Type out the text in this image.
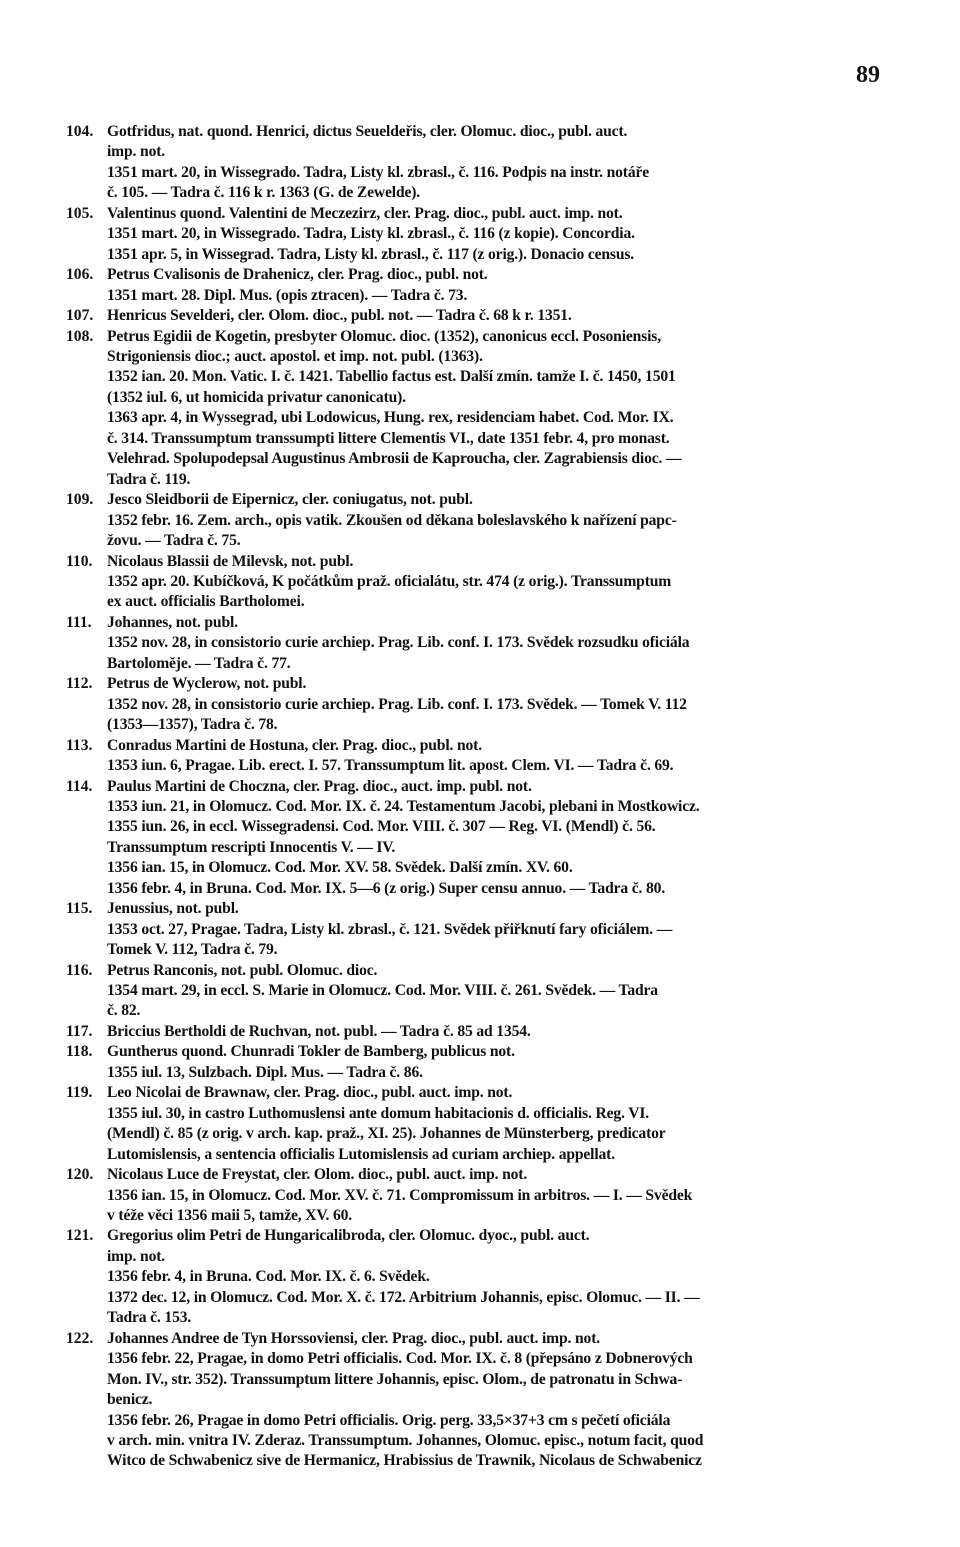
89
104. Gotfridus, nat. quond. Henrici, dictus Seueldeřis, cler. Olomuc. dioc., publ. auct.
imp. not.
1351 mart. 20, in Wissegrado. Tadra, Listy kl. zbrasl., č. 116. Podpis na instr. notáře
č. 105. — Tadra č. 116 k r. 1363 (G. de Zewelde).
105. Valentinus quond. Valentini de Meczezirz, cler. Prag. dioc., publ. auct. imp. not.
1351 mart. 20, in Wissegrado. Tadra, Listy kl. zbrasl., č. 116 (z kopie). Concordia.
1351 apr. 5, in Wissegrad. Tadra, Listy kl. zbrasl., č. 117 (z orig.). Donacio census.
106. Petrus Cvalisonis de Drahenicz, cler. Prag. dioc., publ. not.
1351 mart. 28. Dipl. Mus. (opis ztracen). — Tadra č. 73.
107. Henricus Sevelderi, cler. Olom. dioc., publ. not. — Tadra č. 68 k r. 1351.
108. Petrus Egidii de Kogetin, presbyter Olomuc. dioc. (1352), canonicus eccl. Posoniensis,
Strigoniensis dioc.; auct. apostol. et imp. not. publ. (1363).
1352 ian. 20. Mon. Vatic. I. č. 1421. Tabellio factus est. Další zmín. tamže I. č. 1450, 1501
(1352 iul. 6, ut homicida privatur canonicatu).
1363 apr. 4, in Wyssegrad, ubi Lodowicus, Hung. rex, residenciam habet. Cod. Mor. IX.
č. 314. Transsumptum transsumpti littere Clementis VI., date 1351 febr. 4, pro monast.
Velehrad. Spolupodepsal Augustinus Ambrosii de Kaproucha, cler. Zagrabiensis dioc. —
Tadra č. 119.
109. Jesco Sleidborii de Eipernicz, cler. coniugatus, not. publ.
1352 febr. 16. Zem. arch., opis vatik. Zkoušen od děkana boleslavského k nařízení papc-
žovu. — Tadra č. 75.
110. Nicolaus Blassii de Milevsk, not. publ.
1352 apr. 20. Kubíčková, K počátkům praž. oficialátu, str. 474 (z orig.). Transsumptum
ex auct. officialis Bartholomei.
111. Johannes, not. publ.
1352 nov. 28, in consistorio curie archiep. Prag. Lib. conf. I. 173. Svědek rozsudku oficiála
Bartoloměje. — Tadra č. 77.
112. Petrus de Wyclerow, not. publ.
1352 nov. 28, in consistorio curie archiep. Prag. Lib. conf. I. 173. Svědek. — Tomek V. 112
(1353—1357), Tadra č. 78.
113. Conradus Martini de Hostuna, cler. Prag. dioc., publ. not.
1353 iun. 6, Pragae. Lib. erect. I. 57. Transsumptum lit. apost. Clem. VI. — Tadra č. 69.
114. Paulus Martini de Choczna, cler. Prag. dioc., auct. imp. publ. not.
1353 iun. 21, in Olomucz. Cod. Mor. IX. č. 24. Testamentum Jacobi, plebani in Mostkowicz.
1355 iun. 26, in eccl. Wissegradensi. Cod. Mor. VIII. č. 307 — Reg. VI. (Mendl) č. 56.
Transsumptum rescripti Innocentis V. — IV.
1356 ian. 15, in Olomucz. Cod. Mor. XV. 58. Svědek. Další zmín. XV. 60.
1356 febr. 4, in Bruna. Cod. Mor. IX. 5—6 (z orig.) Super censu annuo. — Tadra č. 80.
115. Jenussius, not. publ.
1353 oct. 27, Pragae. Tadra, Listy kl. zbrasl., č. 121. Svědek přiřknutí fary oficiálem. —
Tomek V. 112, Tadra č. 79.
116. Petrus Ranconis, not. publ. Olomuc. dioc.
1354 mart. 29, in eccl. S. Marie in Olomucz. Cod. Mor. VIII. č. 261. Svědek. — Tadra
č. 82.
117. Briccius Bertholdi de Ruchvan, not. publ. — Tadra č. 85 ad 1354.
118. Guntherus quond. Chunradi Tokler de Bamberg, publicus not.
1355 iul. 13, Sulzbach. Dipl. Mus. — Tadra č. 86.
119. Leo Nicolai de Brawnaw, cler. Prag. dioc., publ. auct. imp. not.
1355 iul. 30, in castro Luthomuslensi ante domum habitacionis d. officialis. Reg. VI.
(Mendl) č. 85 (z orig. v arch. kap. praž., XI. 25). Johannes de Münsterberg, predicator
Lutomislensis, a sentencia officialis Lutomislensis ad curiam archiep. appellat.
120. Nicolaus Luce de Freystat, cler. Olom. dioc., publ. auct. imp. not.
1356 ian. 15, in Olomucz. Cod. Mor. XV. č. 71. Compromissum in arbitros. — I. — Svědek
v téže věci 1356 maii 5, tamže, XV. 60.
121. Gregorius olim Petri de Hungaricalibroda, cler. Olomuc. dyoc., publ. auct.
imp. not.
1356 febr. 4, in Bruna. Cod. Mor. IX. č. 6. Svědek.
1372 dec. 12, in Olomucz. Cod. Mor. X. č. 172. Arbitrium Johannis, episc. Olomuc. — II. —
Tadra č. 153.
122. Johannes Andree de Tyn Horssoviensi, cler. Prag. dioc., publ. auct. imp. not.
1356 febr. 22, Pragae, in domo Petri officialis. Cod. Mor. IX. č. 8 (přepsáno z Dobnerových
Mon. IV., str. 352). Transsumptum littere Johannis, episc. Olom., de patronatu in Schwa-
benicz.
1356 febr. 26, Pragae in domo Petri officialis. Orig. perg. 33,5×37+3 cm s pečetí oficiála
v arch. min. vnitra IV. Zderaz. Transsumptum. Johannes, Olomuc. episc., notum facit, quod
Witco de Schwabenicz sive de Hermanicz, Hrabissius de Trawnik, Nicolaus de Schwabenicz
